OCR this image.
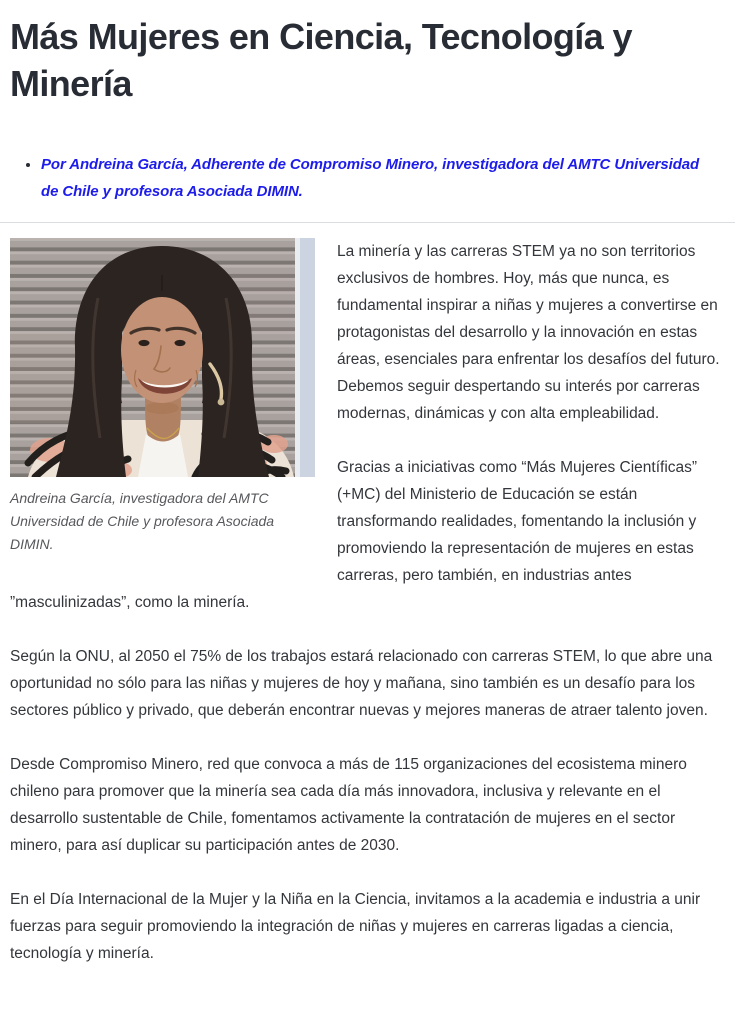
Más Mujeres en Ciencia, Tecnología y Minería
• Por Andreina García, Adherente de Compromiso Minero, investigadora del AMTC Universidad de Chile y profesora Asociada DIMIN.
Andreina García, investigadora del AMTC Universidad de Chile y profesora Asociada DIMIN.

La minería y las carreras STEM ya no son territorios exclusivos de hombres. Hoy, más que nunca, es fundamental inspirar a niñas y mujeres a convertirse en protagonistas del desarrollo y la innovación en estas áreas, esenciales para enfrentar los desafíos del futuro. Debemos seguir despertando su interés por carreras modernas, dinámicas y con alta empleabilidad.

Gracias a iniciativas como “Más Mujeres Científicas” (+MC) del Ministerio de Educación se están transformando realidades, fomentando la inclusión y promoviendo la representación de mujeres en estas carreras, pero también, en industrias antes ”masculinizadas”, como la minería.

Según la ONU, al 2050 el 75% de los trabajos estará relacionado con carreras STEM, lo que abre una oportunidad no sólo para las niñas y mujeres de hoy y mañana, sino también es un desafío para los sectores público y privado, que deberán encontrar nuevas y mejores maneras de atraer talento joven.

Desde Compromiso Minero, red que convoca a más de 115 organizaciones del ecosistema minero chileno para promover que la minería sea cada día más innovadora, inclusiva y relevante en el desarrollo sustentable de Chile, fomentamos activamente la contratación de mujeres en el sector minero, para así duplicar su participación antes de 2030.

En el Día Internacional de la Mujer y la Niña en la Ciencia, invitamos a la academia e industria a unir fuerzas para seguir promoviendo la integración de niñas y mujeres en carreras ligadas a ciencia, tecnología y minería.
